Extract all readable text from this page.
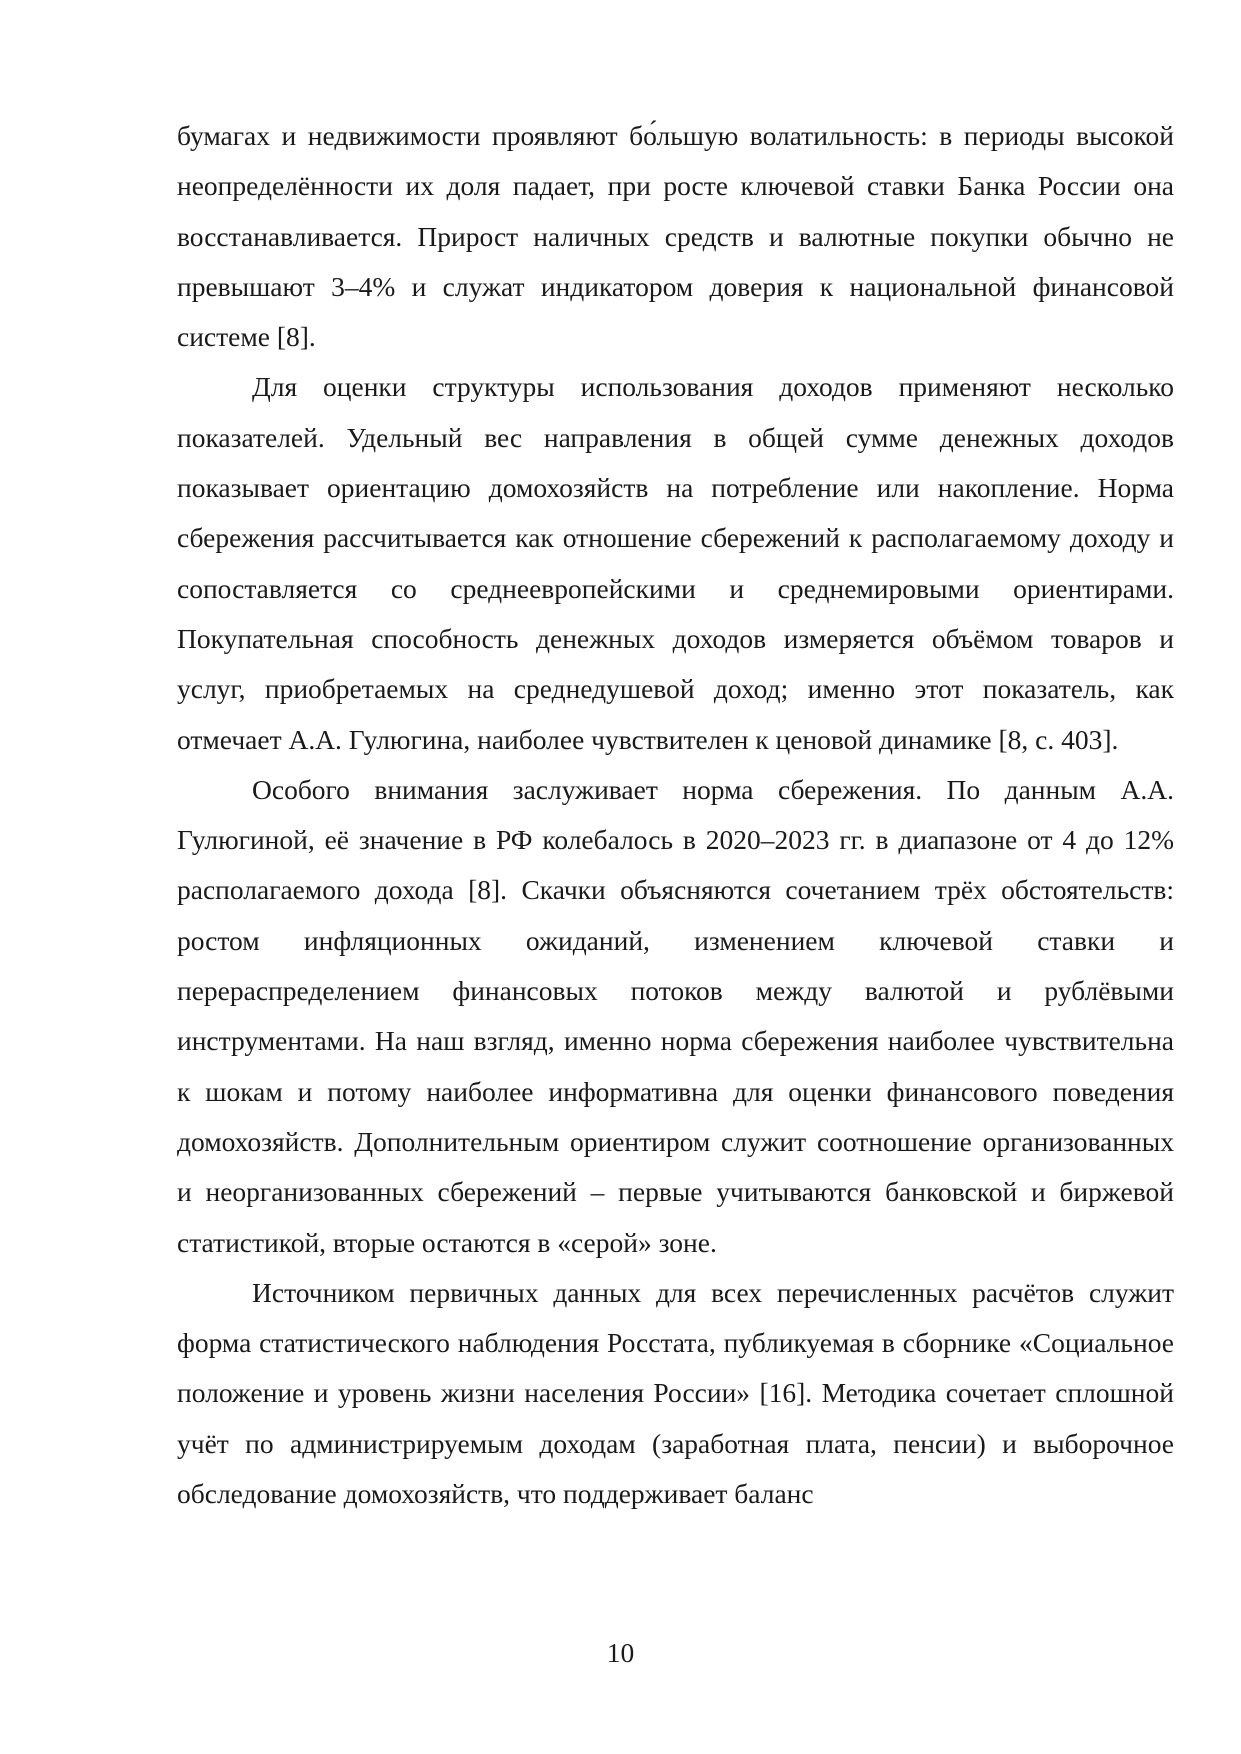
бумагах и недвижимости проявляют бо́льшую волатильность: в периоды высокой неопределённости их доля падает, при росте ключевой ставки Банка России она восстанавливается. Прирост наличных средств и валютные покупки обычно не превышают 3–4% и служат индикатором доверия к национальной финансовой системе [8].

Для оценки структуры использования доходов применяют несколько показателей. Удельный вес направления в общей сумме денежных доходов показывает ориентацию домохозяйств на потребление или накопление. Норма сбережения рассчитывается как отношение сбережений к располагаемому доходу и сопоставляется со среднеевропейскими и среднемировыми ориентирами. Покупательная способность денежных доходов измеряется объёмом товаров и услуг, приобретаемых на среднедушевой доход; именно этот показатель, как отмечает А.А. Гулюгина, наиболее чувствителен к ценовой динамике [8, с. 403].

Особого внимания заслуживает норма сбережения. По данным А.А. Гулюгиной, её значение в РФ колебалось в 2020–2023 гг. в диапазоне от 4 до 12% располагаемого дохода [8]. Скачки объясняются сочетанием трёх обстоятельств: ростом инфляционных ожиданий, изменением ключевой ставки и перераспределением финансовых потоков между валютой и рублёвыми инструментами. На наш взгляд, именно норма сбережения наиболее чувствительна к шокам и потому наиболее информативна для оценки финансового поведения домохозяйств. Дополнительным ориентиром служит соотношение организованных и неорганизованных сбережений – первые учитываются банковской и биржевой статистикой, вторые остаются в «серой» зоне.

Источником первичных данных для всех перечисленных расчётов служит форма статистического наблюдения Росстата, публикуемая в сборнике «Социальное положение и уровень жизни населения России» [16]. Методика сочетает сплошной учёт по администрируемым доходам (заработная плата, пенсии) и выборочное обследование домохозяйств, что поддерживает баланс

10
